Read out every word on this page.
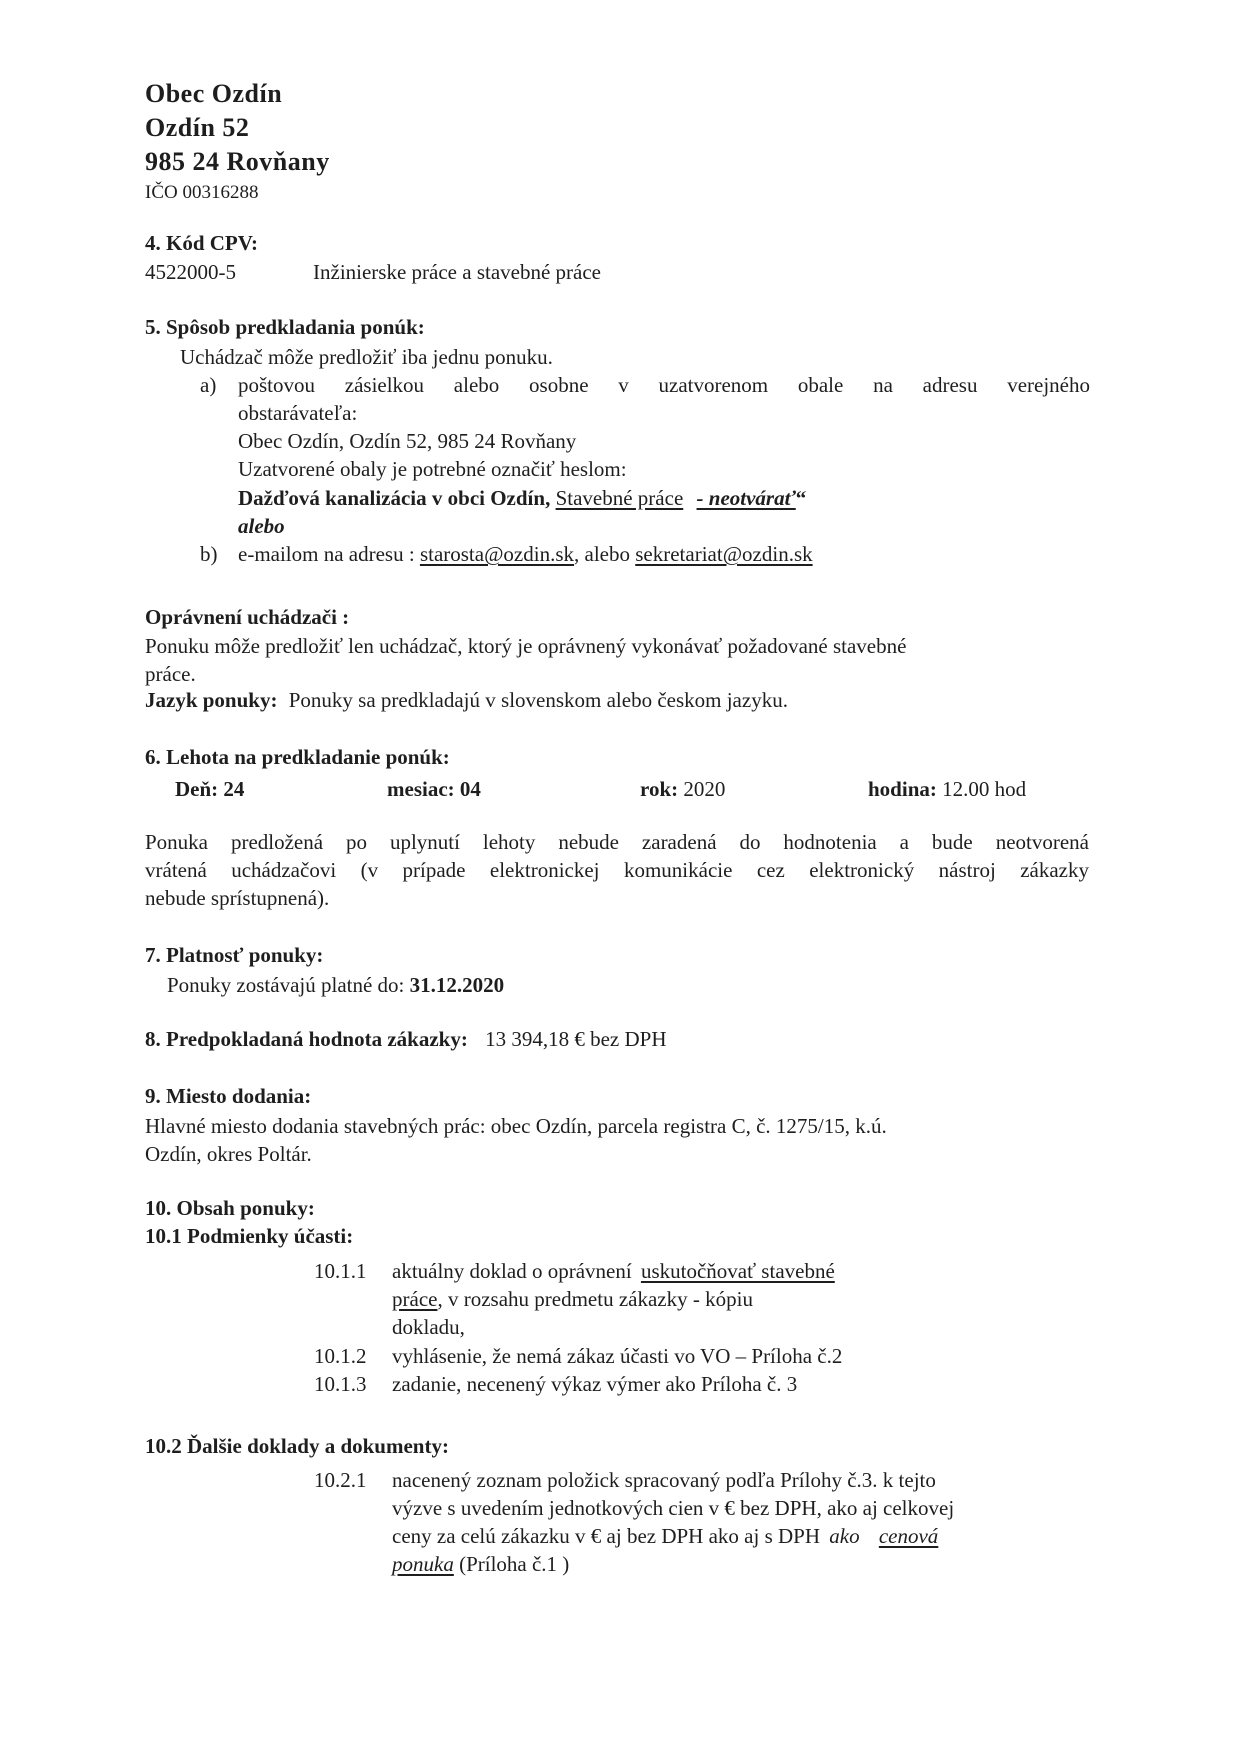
Obec Ozdín
Ozdín 52
985 24 Rovňany
IČO 00316288
4. Kód CPV:
4522000-5	Inžinierske práce a stavebné práce
5. Spôsob predkladania ponúk:
Uchádzač môže predložiť iba jednu ponuku.
a) poštovou zásielkou alebo osobne v uzatvorenom obale na adresu verejného
obstarávateľa:
Obec Ozdín, Ozdín 52, 985 24 Rovňany
Uzatvorené obaly je potrebné označiť heslom:
Dažďová kanalizácia v obci Ozdín, Stavebné práce - neotvárať“
alebo
b) e-mailom na adresu : starosta@ozdin.sk, alebo sekretariat@ozdin.sk
Oprávnení uchádzači :
Ponuku môže predložiť len uchádzač, ktorý je oprávnený vykonávať požadované stavebné
práce.
Jazyk ponuky: Ponuky sa predkladajú v slovenskom alebo českom jazyku.
6. Lehota na predkladanie ponúk:
Deň: 24	mesiac: 04	rok: 2020	hodina: 12.00 hod
Ponuka predložená po uplynutí lehoty nebude zaradená do hodnotenia a bude neotvorená
vrátená uchádzačovi (v prípade elektronickej komunikácie cez elektronický nástroj zákazky
nebude sprístupnená).
7. Platnosť ponuky:
Ponuky zostávajú platné do: 31.12.2020
8. Predpokladaná hodnota zákazky: 13 394,18 € bez DPH
9. Miesto dodania:
Hlavné miesto dodania stavebných prác: obec Ozdín, parcela registra C, č. 1275/15, k.ú.
Ozdín, okres Poltár.
10. Obsah ponuky:
10.1 Podmienky účasti:
10.1.1 aktuálny doklad o oprávnení uskutočňovať stavebné
práce, v rozsahu predmetu zákazky - kópiu
dokladu,
10.1.2 vyhlásenie, že nemá zákaz účasti vo VO – Príloha č.2
10.1.3 zadanie, necenený výkaz výmer ako Príloha č. 3
10.2 Ďalšie doklady a dokumenty:
10.2.1 nacenený zoznam položick spracovaný podľa Prílohy č.3. k tejto
výzve s uvedením jednotkových cien v € bez DPH, ako aj celkovej
ceny za celú zákazku v € aj bez DPH ako aj s DPH ako cenová
ponuka (Príloha č.1 )
